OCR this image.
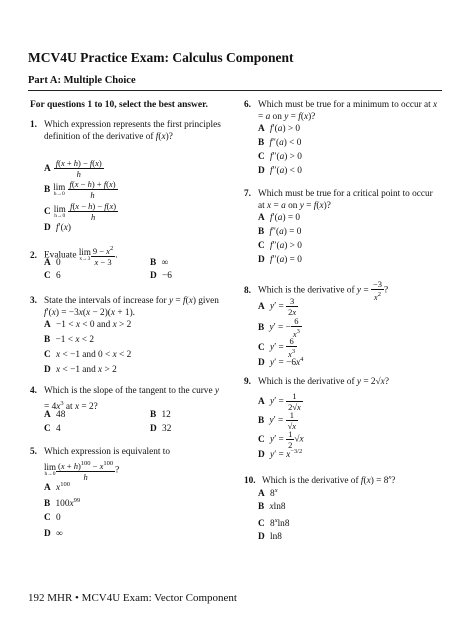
MCV4U Practice Exam: Calculus Component
Part A: Multiple Choice
For questions 1 to 10, select the best answer.
1. Which expression represents the first principles definition of the derivative of f(x)?
A $\frac{f(x + h) - f(x)}{h}$
B lim
h→0
$\frac{f(x - h) + f(x)}{h}$
C lim
h→0
$\frac{f(x - h) - f(x)}{h}$
D f′(x)
2. Evaluate lim
$x\to 3 \frac{9 - x^2}{x - 3}$ .
A 0	B ∞
C 6	D −6
3. State the intervals of increase for y = f(x) given f′(x) = −3x(x − 2)(x + 1).
A −1 < x < 0 and x > 2
B −1 < x < 2
C x < −1 and 0 < x < 2
D x < −1 and x > 2
4. Which is the slope of the tangent to the curve $y = 4x^3$ at x = 2?
A 48	B 12
C 4	D 32
5. Which expression is equivalent to
lim
$h\to 0 \frac{(x + h)^{100} - x^{100}}{h}$ ?
A $x^{100}$
B $100x^{99}$
C 0
D ∞
6. Which must be true for a minimum to occur at x = a on y = f(x)?
A f′(a) > 0
B f″(a) < 0
C f″(a) > 0
D f″(a) < 0
7. Which must be true for a critical point to occur at x = a on y = f(x)?
A f′(a) = 0
B f″(a) = 0
C f″(a) > 0
D f″(a) = 0
8. Which is the derivative of $y = \frac{-3}{x^2}$ ?
A $y' = \frac{3}{2x}$
B y′ = − $\frac{6}{x^3}$
C $y' = \frac{6}{x^3}$
D $y' = -6x^4$
9. Which is the derivative of y = 2√x?
A $y' = \frac{1}{2√x}$
B $y' = \frac{1}{√x}$
C $y' = \frac{1}{2} √x$
D $y' = x^{-3/2}$
10. Which is the derivative of $f(x) = 8^x$?
A 8$^x$
B xln8
C 8$^x$ln8
D ln8
192 MHR • MCV4U Exam: Vector Component
